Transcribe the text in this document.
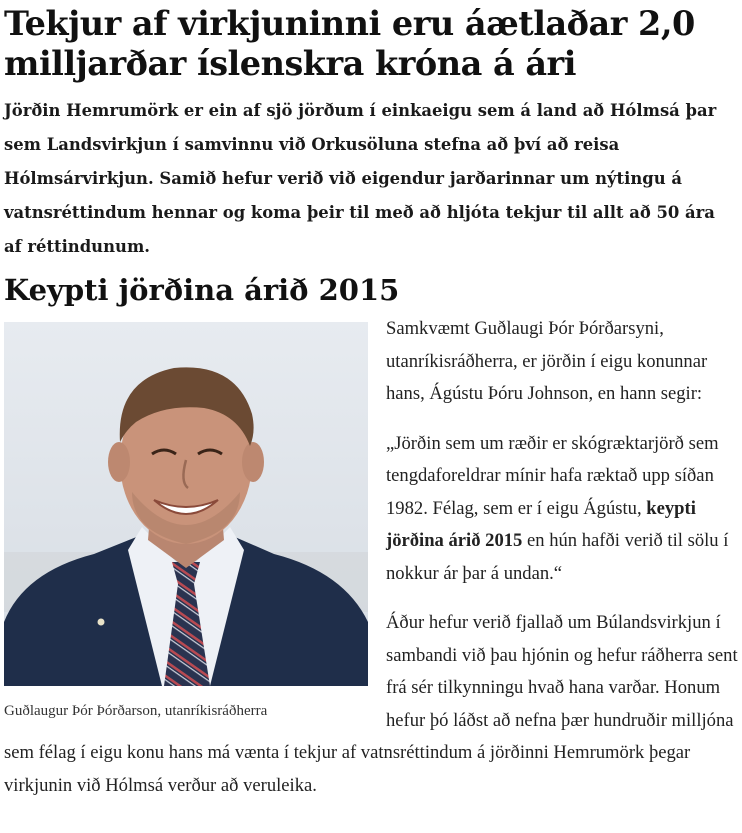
Tekjur af virkjuninni eru áætlaðar 2,0 milljarðar íslenskra króna á ári

Jörðin Hemrumörk er ein af sjö jörðum í einkaeigu sem á land að Hólmsá þar sem Landsvirkjun í samvinnu við Orkusöluna stefna að því að reisa Hólmsárvirkjun. Samið hefur verið við eigendur jarðarinnar um nýtingu á vatnsréttindum hennar og koma þeir til með að hljóta tekjur til allt að 50 ára af réttindunum.

Keypti jörðina árið 2015
Guðlaugur Þór Þórðarson, utanríkisráðherra

Samkvæmt Guðlaugi Þór Þórðarsyni, utanríkisráðherra, er jörðin í eigu konunnar hans, Ágústu Þóru Johnson, en hann segir:

„Jörðin sem um ræðir er skógræktarjörð sem tengdaforeldrar mínir hafa ræktað upp síðan 1982. Félag, sem er í eigu Ágústu, keypti jörðina árið 2015 en hún hafði verið til sölu í nokkur ár þar á undan.“

Áður hefur verið fjallað um Búlandsvirkjun í sambandi við þau hjónin og hefur ráðherra sent frá sér tilkynningu hvað hana varðar. Honum hefur þó láðst að nefna þær hundruðir milljóna sem félag í eigu konu hans má vænta í tekjur af vatnsréttindum á jörðinni Hemrumörk þegar virkjunin við Hólmsá verður að veruleika.
